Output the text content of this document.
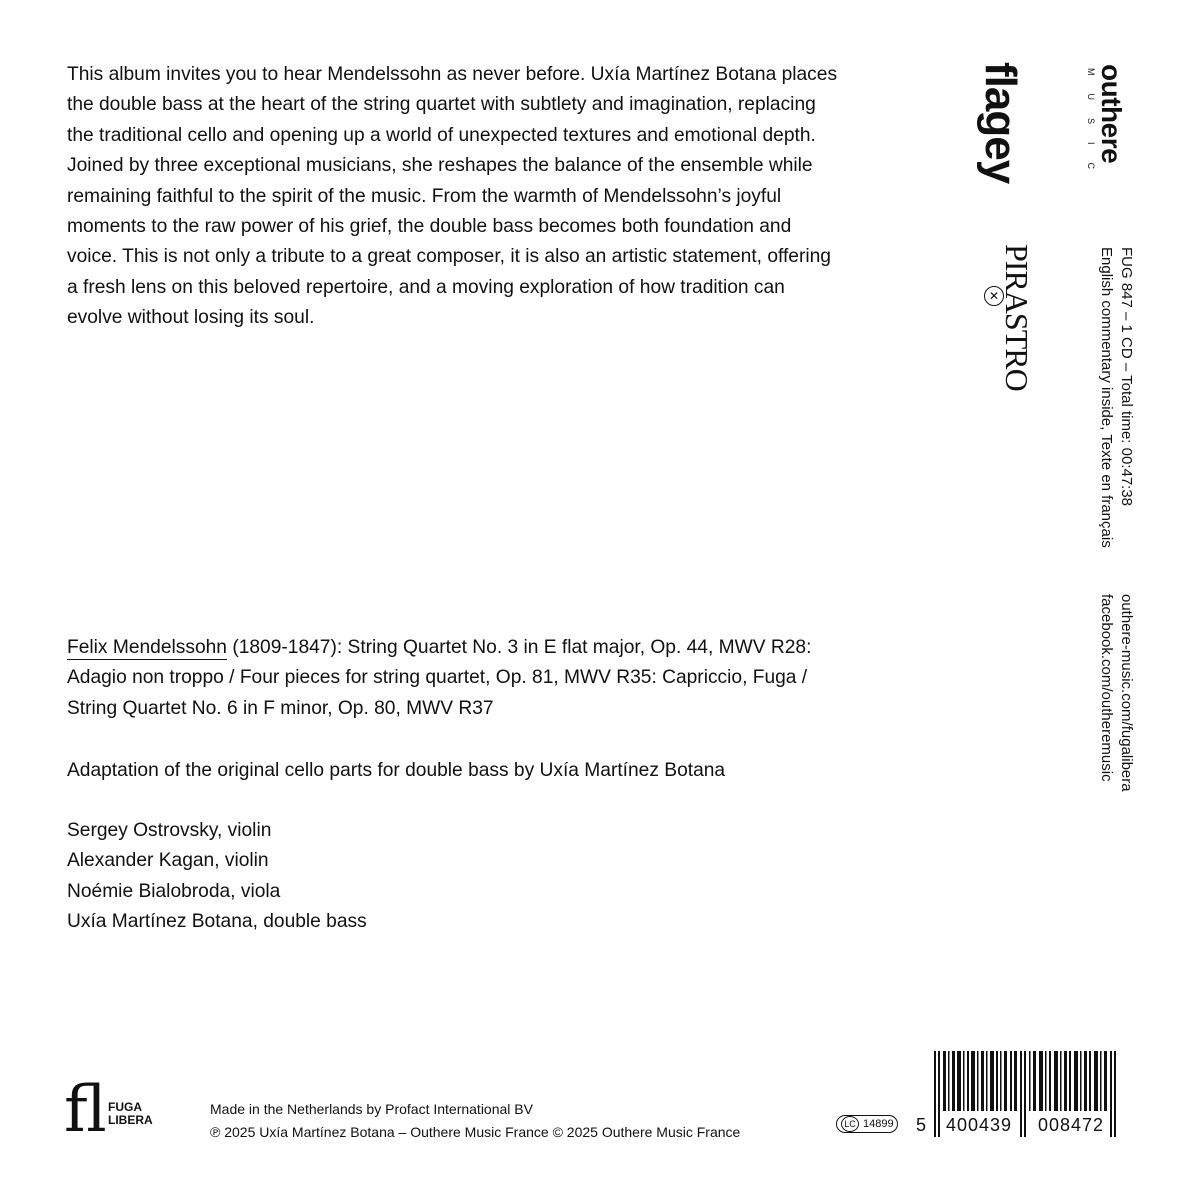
This album invites you to hear Mendelssohn as never before. Uxía Martínez Botana places the double bass at the heart of the string quartet with subtlety and imagination, replacing the traditional cello and opening up a world of unexpected textures and emotional depth. Joined by three exceptional musicians, she reshapes the balance of the ensemble while remaining faithful to the spirit of the music. From the warmth of Mendelssohn’s joyful moments to the raw power of his grief, the double bass becomes both foundation and voice. This is not only a tribute to a great composer, it is also an artistic statement, offering a fresh lens on this beloved repertoire, and a moving exploration of how tradition can evolve without losing its soul.

Felix Mendelssohn (1809-1847): String Quartet No. 3 in E flat major, Op. 44, MWV R28: Adagio non troppo / Four pieces for string quartet, Op. 81, MWV R35: Capriccio, Fuga / String Quartet No. 6 in F minor, Op. 80, MWV R37

Adaptation of the original cello parts for double bass by Uxía Martínez Botana

Sergey Ostrovsky, violin
Alexander Kagan, violin
Noémie Bialobroda, viola
Uxía Martínez Botana, double bass
outhere
MUSIC
flagey
PIRASTRO
✕	FUG 847 – 1 CD – Total time: 00:47:38
English commentary inside, Texte en français
outhere-music.com/fugalibera
facebook.com/outheremusic
fl FUGA
LIBERA
Made in the Netherlands by Profact International BV
℗ 2025 Uxía Martínez Botana – Outhere Music France © 2025 Outhere Music France	LC 14899 5 400439 008472
